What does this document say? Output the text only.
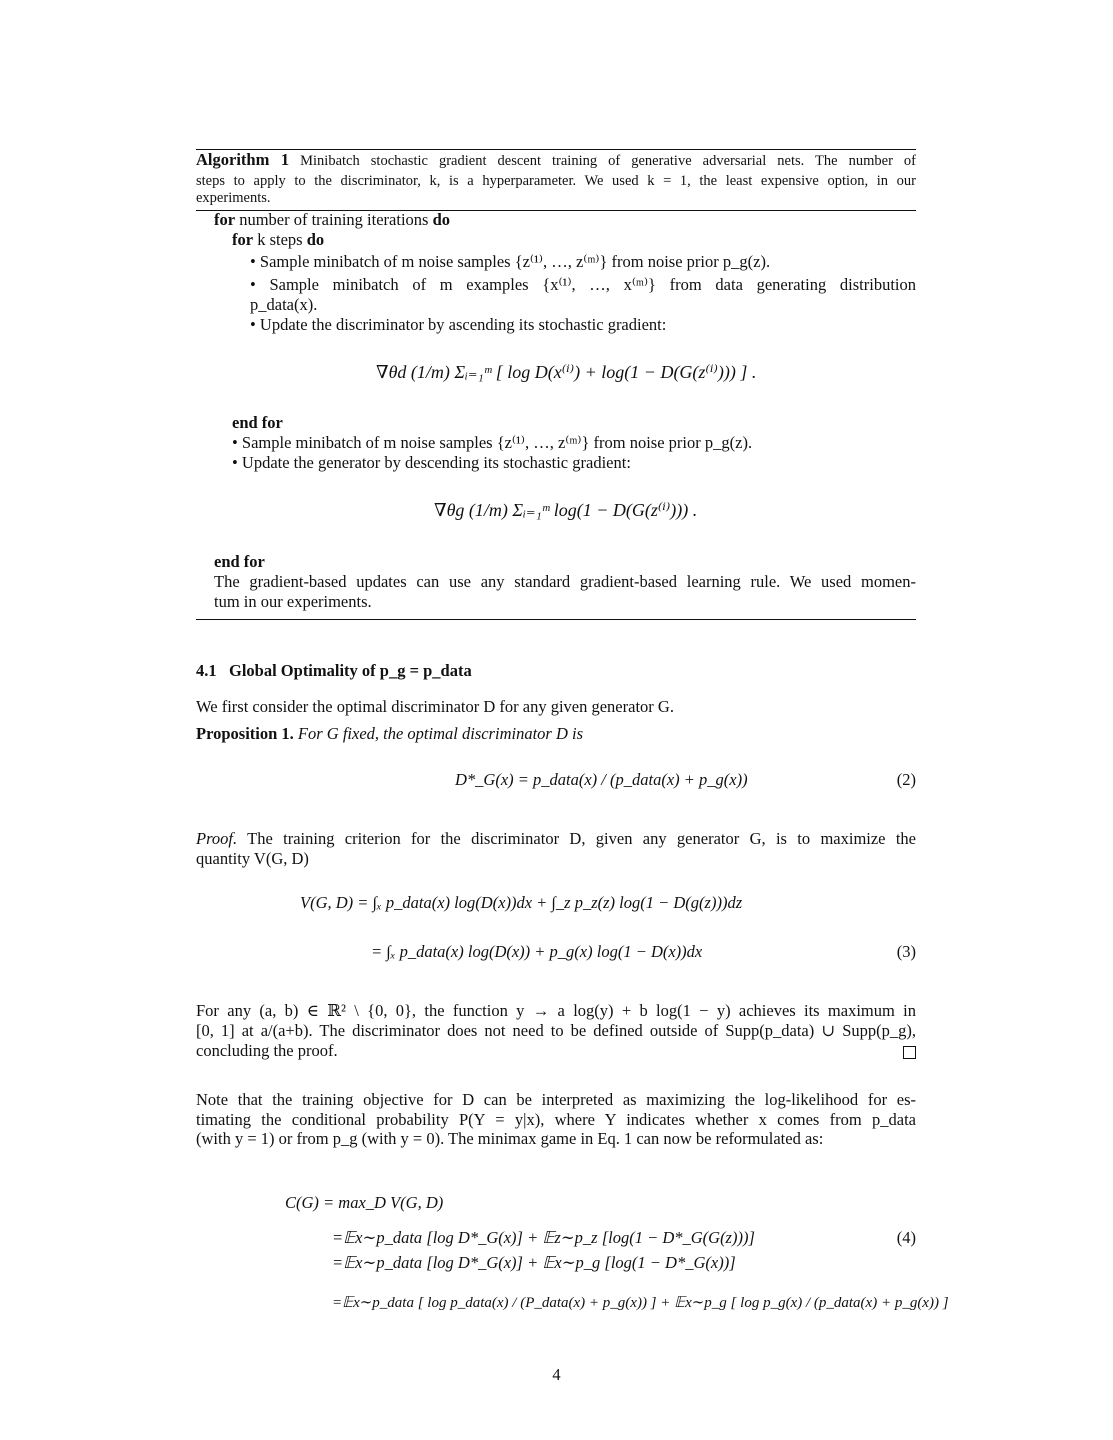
Algorithm 1 Minibatch stochastic gradient descent training of generative adversarial nets. The number of
steps to apply to the discriminator, k, is a hyperparameter. We used k = 1, the least expensive option, in our
experiments.
for number of training iterations do
for k steps do
• Sample minibatch of m noise samples {z⁽¹⁾, …, z⁽ᵐ⁾} from noise prior p_g(z).
• Sample minibatch of m examples {x⁽¹⁾, …, x⁽ᵐ⁾} from data generating distribution
p_data(x).
• Update the discriminator by ascending its stochastic gradient:
∇θd (1/m) Σᵢ₌₁ᵐ [ log D(x⁽ⁱ⁾) + log(1 − D(G(z⁽ⁱ⁾))) ] .
end for
• Sample minibatch of m noise samples {z⁽¹⁾, …, z⁽ᵐ⁾} from noise prior p_g(z).
• Update the generator by descending its stochastic gradient:
∇θg (1/m) Σᵢ₌₁ᵐ log(1 − D(G(z⁽ⁱ⁾))) .
end for
The gradient-based updates can use any standard gradient-based learning rule. We used momen-
tum in our experiments.
4.1 Global Optimality of p_g = p_data
We first consider the optimal discriminator D for any given generator G.
Proposition 1. For G fixed, the optimal discriminator D is
D*_G(x) = p_data(x) / (p_data(x) + p_g(x))	(2)
Proof. The training criterion for the discriminator D, given any generator G, is to maximize the
quantity V(G, D)
V(G, D) = ∫ₓ p_data(x) log(D(x))dx + ∫_z p_z(z) log(1 − D(g(z)))dz
= ∫ₓ p_data(x) log(D(x)) + p_g(x) log(1 − D(x))dx	(3)
For any (a, b) ∈ ℝ² \ {0, 0}, the function y → a log(y) + b log(1 − y) achieves its maximum in
[0, 1] at a/(a+b). The discriminator does not need to be defined outside of Supp(p_data) ∪ Supp(p_g),
concluding the proof.
Note that the training objective for D can be interpreted as maximizing the log-likelihood for es-
timating the conditional probability P(Y = y|x), where Y indicates whether x comes from p_data
(with y = 1) or from p_g (with y = 0). The minimax game in Eq. 1 can now be reformulated as:
C(G) = max_D V(G, D)
=𝔼x∼p_data [log D*_G(x)] + 𝔼z∼p_z [log(1 − D*_G(G(z)))]	(4)
=𝔼x∼p_data [log D*_G(x)] + 𝔼x∼p_g [log(1 − D*_G(x))]
=𝔼x∼p_data [ log p_data(x) / (P_data(x) + p_g(x)) ] + 𝔼x∼p_g [ log p_g(x) / (p_data(x) + p_g(x)) ]
4
